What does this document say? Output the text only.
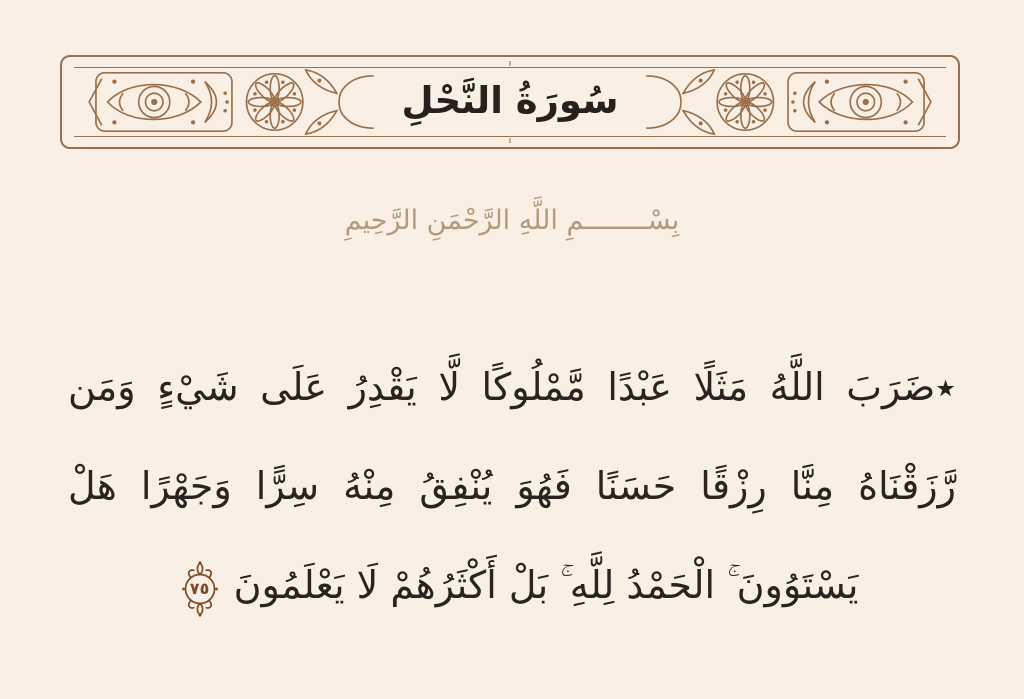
سُورَةُ النَّحْلِ
بِسْــــــــمِ اللَّهِ الرَّحْمَنِ الرَّحِيمِ
٭ضَرَبَ اللَّهُ مَثَلًا عَبْدًا مَّمْلُوكًا لَّا يَقْدِرُ عَلَى شَيْءٍ وَمَن
رَّزَقْنَاهُ مِنَّا رِزْقًا حَسَنًا فَهُوَ يُنْفِقُ مِنْهُ سِرًّا وَجَهْرًا هَلْ
يَسْتَوُونَ ۚ الْحَمْدُ لِلَّهِ ۚ بَلْ أَكْثَرُهُمْ لَا يَعْلَمُونَ
٧٥
